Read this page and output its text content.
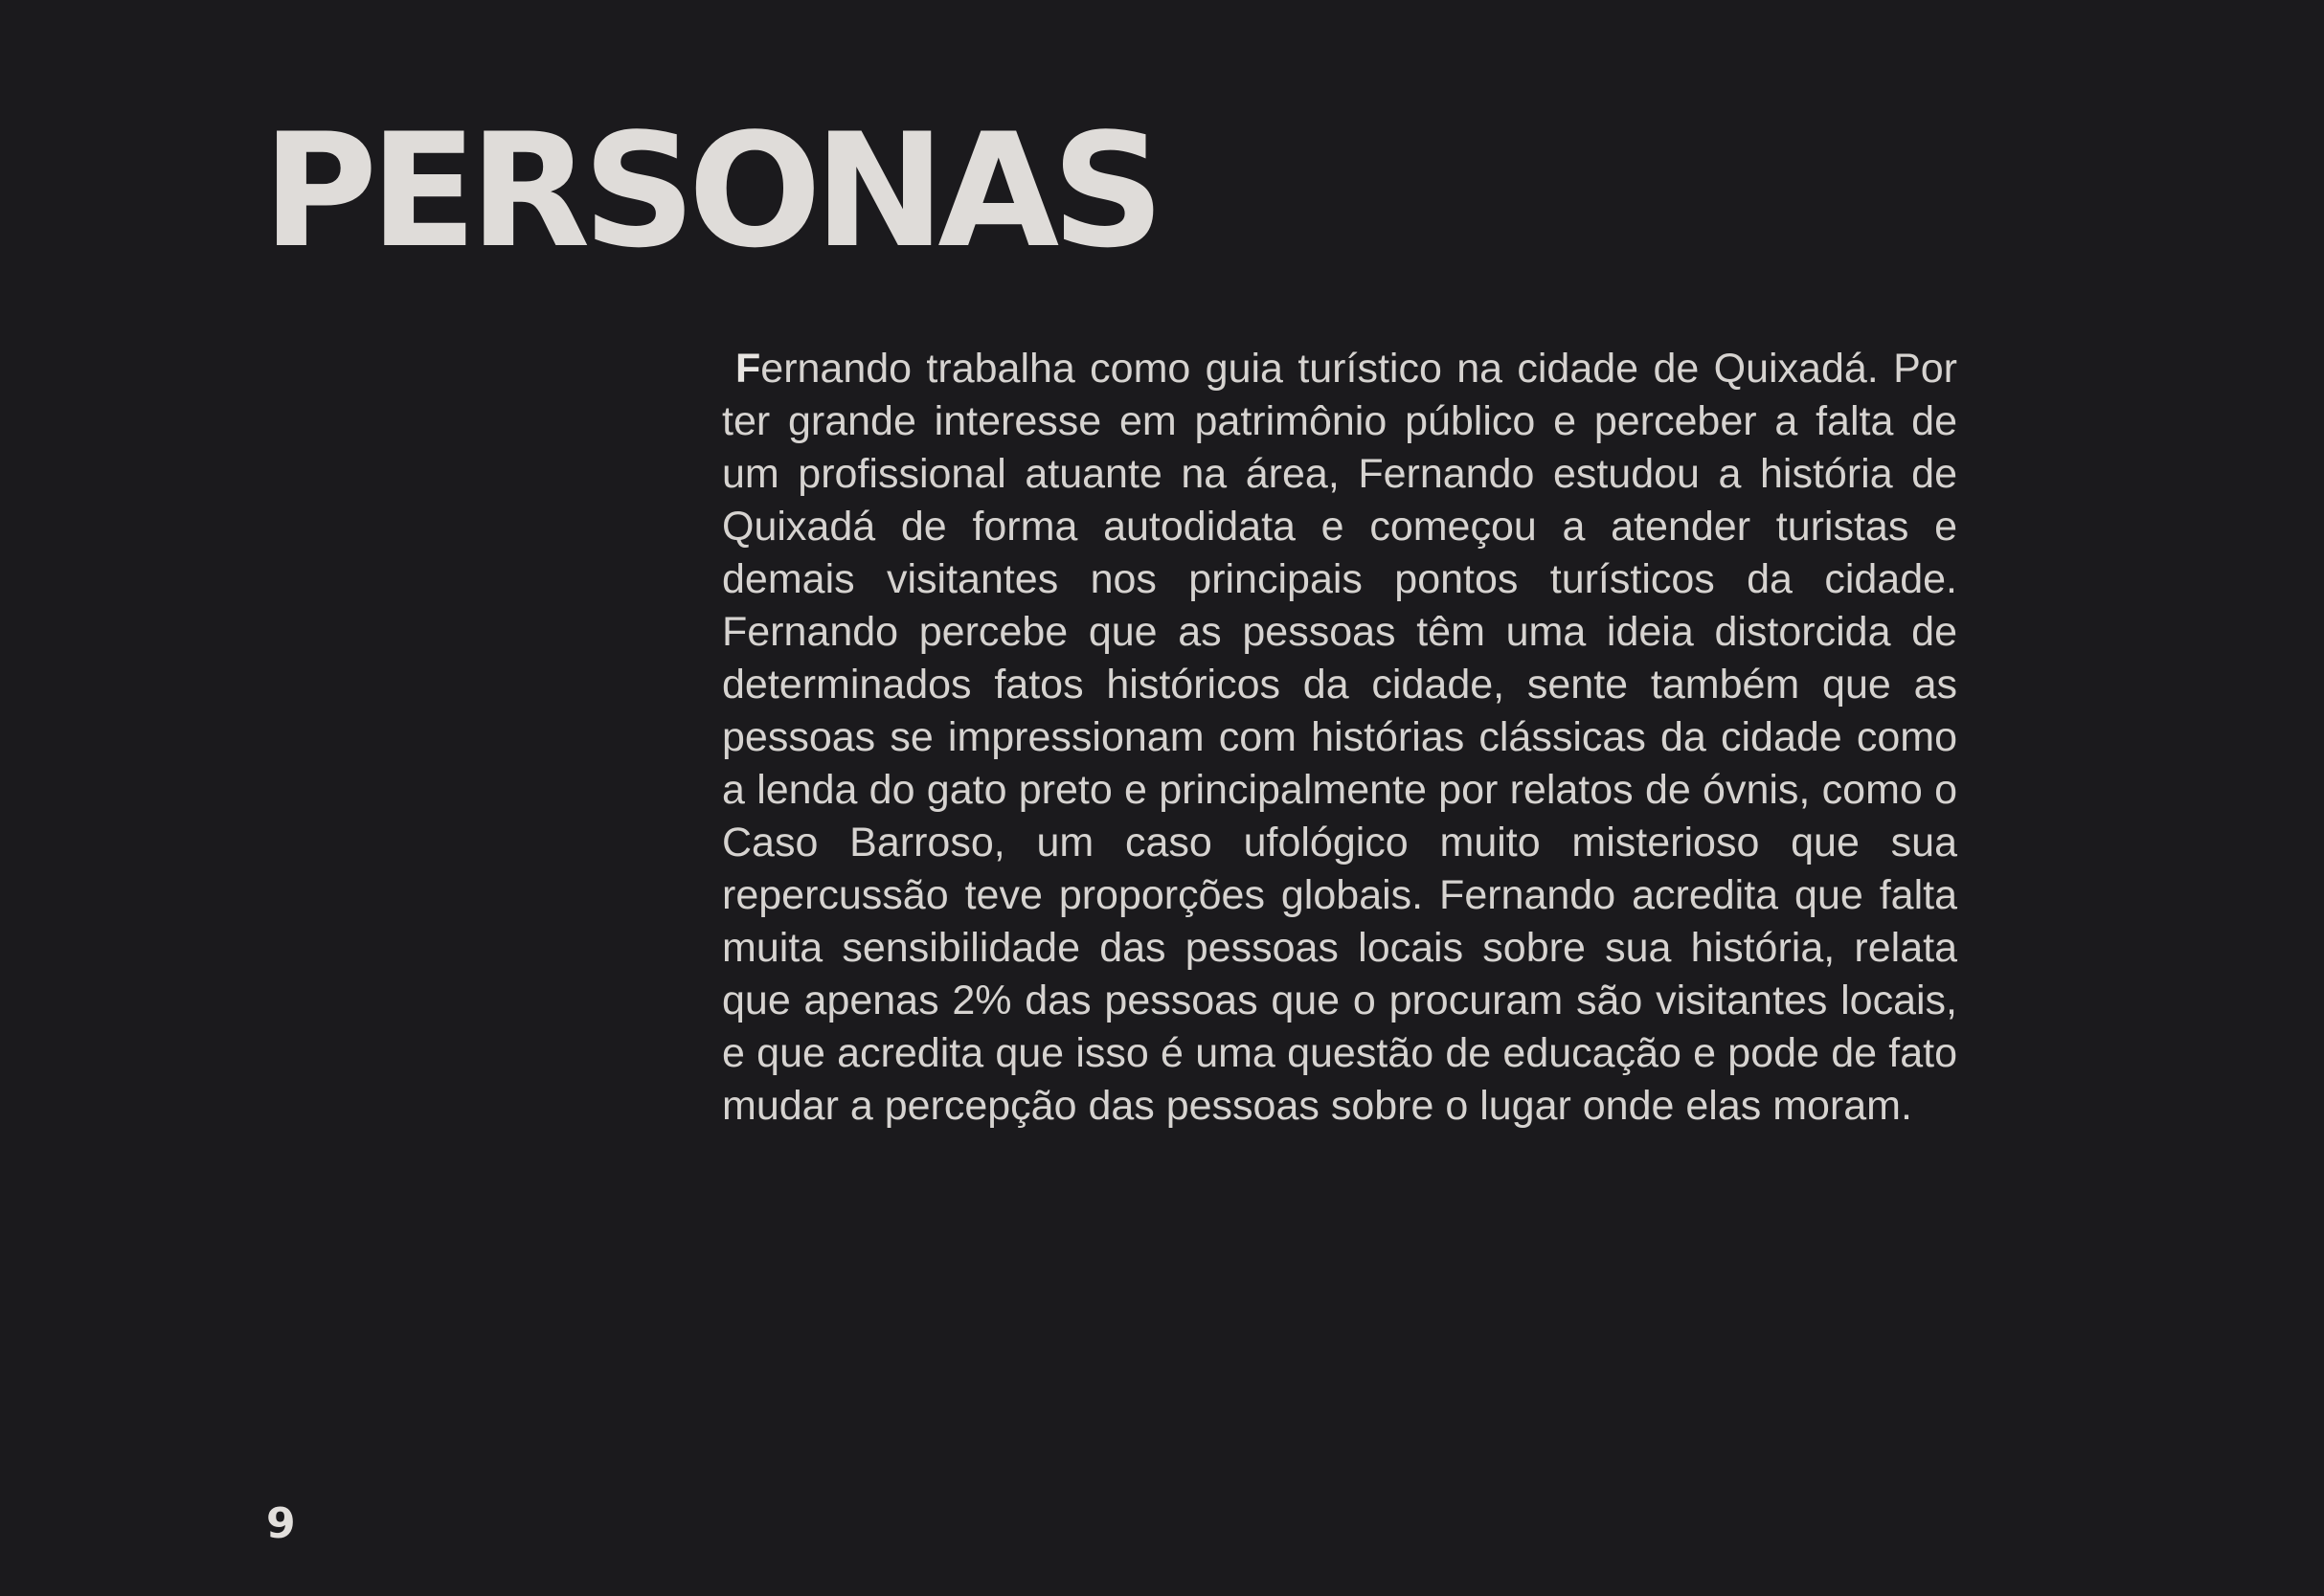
PERSONAS

Fernando trabalha como guia turístico na cidade de Quixadá. Por ter grande interesse em patrimônio público e perceber a falta de um profissional atuante na área, Fernando estudou a história de Quixadá de forma autodidata e começou a atender turistas e demais visitantes nos principais pontos turísticos da cidade. Fernando percebe que as pessoas têm uma ideia distorcida de determinados fatos históricos da cidade, sente também que as pessoas se impressionam com histórias clássicas da cidade como a lenda do gato preto e principalmente por relatos de óvnis, como o Caso Barroso, um caso ufológico muito misterioso que sua repercussão teve proporções globais. Fernando acredita que falta muita sensibilidade das pessoas locais sobre sua história, relata que apenas 2% das pessoas que o procuram são visitantes locais, e que acredita que isso é uma questão de educação e pode de fato mudar a percepção das pessoas sobre o lugar onde elas moram.

9
